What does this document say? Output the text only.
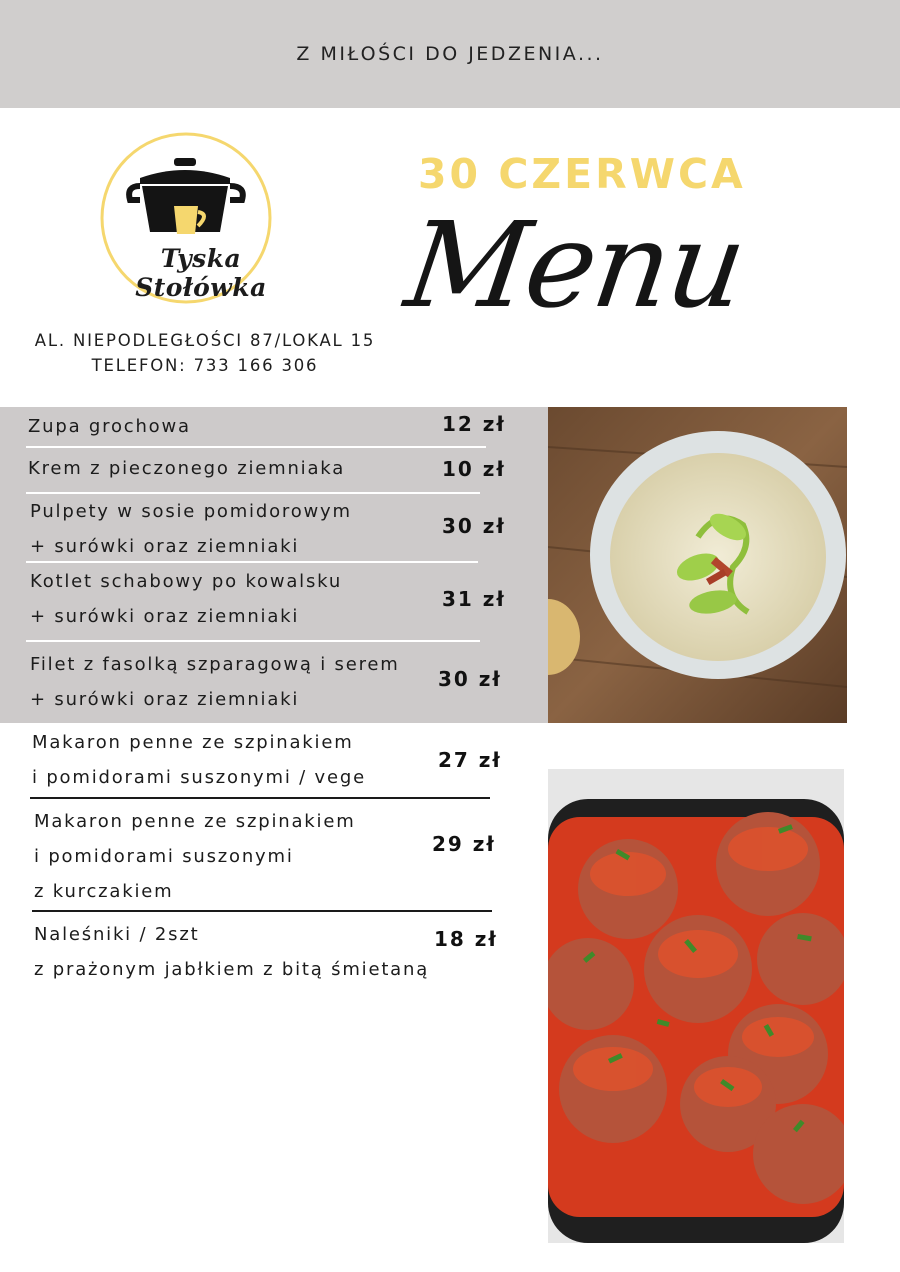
Z MIŁOŚCI DO JEDZENIA...
Tyska Stołówka
AL. NIEPODLEGŁOŚCI 87/LOKAL 15
TELEFON: 733 166 306
30 CZERWCA
Menu
Zupa grochowa	12 zł
Krem z pieczonego ziemniaka	10 zł
Pulpety w sosie pomidorowym
+ surówki oraz ziemniaki
30 zł
Kotlet schabowy po kowalsku
+ surówki oraz ziemniaki
31 zł
Filet z fasolką szparagową i serem
+ surówki oraz ziemniaki
30 zł
Makaron penne ze szpinakiem
i pomidorami suszonymi / vege
27 zł
Makaron penne ze szpinakiem
i pomidorami suszonymi
z kurczakiem
29 zł
Naleśniki / 2szt
z prażonym jabłkiem z bitą śmietaną
18 zł
